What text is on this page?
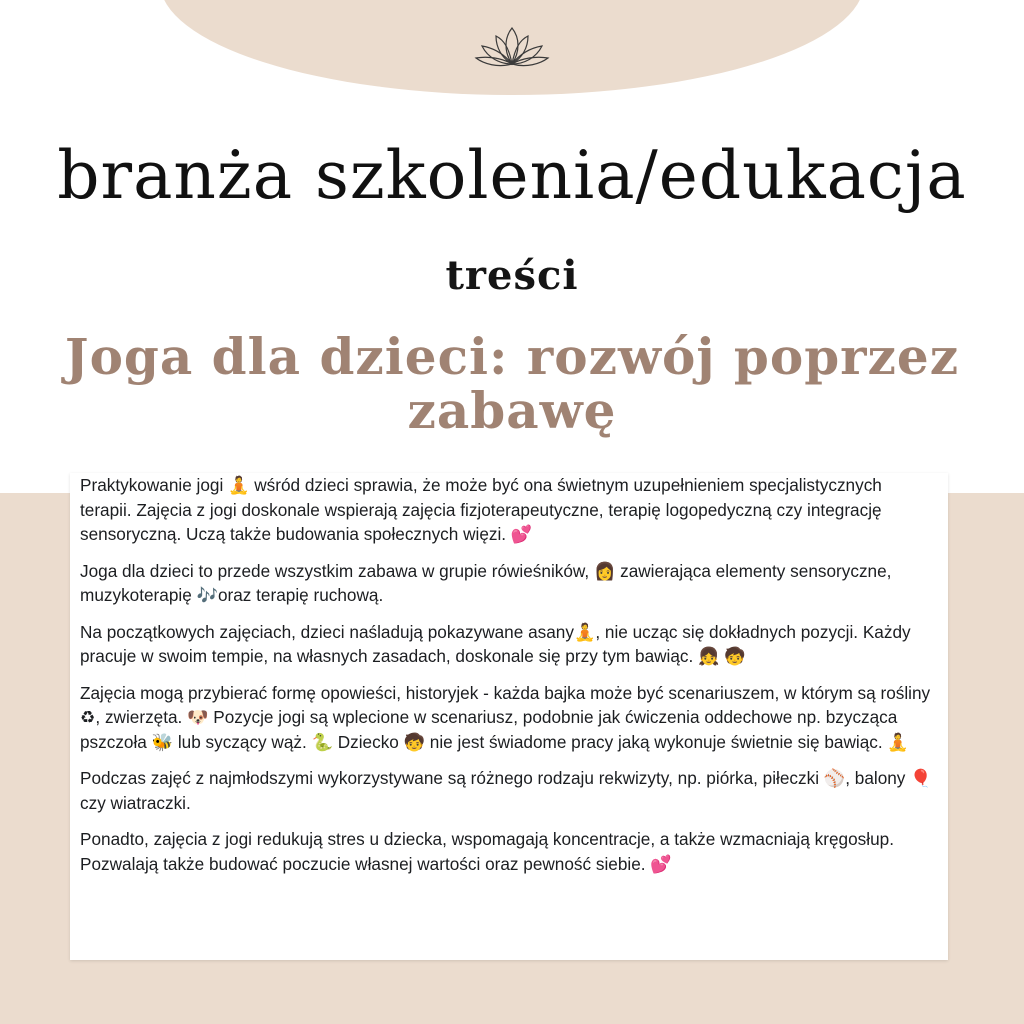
branża szkolenia/edukacja
treści
Joga dla dzieci: rozwój poprzez
zabawę

Praktykowanie jogi 🧘 wśród dzieci sprawia, że może być ona świetnym uzupełnieniem specjalistycznych terapii. Zajęcia z jogi doskonale wspierają zajęcia fizjoterapeutyczne, terapię logopedyczną czy integrację sensoryczną. Uczą także budowania społecznych więzi. 💕

Joga dla dzieci to przede wszystkim zabawa w grupie rówieśników, 👩 zawierająca elementy sensoryczne, muzykoterapię 🎶oraz terapię ruchową.

Na początkowych zajęciach, dzieci naśladują pokazywane asany🧘, nie ucząc się dokładnych pozycji. Każdy pracuje w swoim tempie, na własnych zasadach, doskonale się przy tym bawiąc. 👧 🧒

Zajęcia mogą przybierać formę opowieści, historyjek - każda bajka może być scenariuszem, w którym są rośliny ♻, zwierzęta. 🐶 Pozycje jogi są wplecione w scenariusz, podobnie jak ćwiczenia oddechowe np. bzycząca pszczoła 🐝 lub syczący wąż. 🐍 Dziecko 🧒 nie jest świadome pracy jaką wykonuje świetnie się bawiąc. 🧘

Podczas zajęć z najmłodszymi wykorzystywane są różnego rodzaju rekwizyty, np. piórka, piłeczki ⚾, balony 🎈 czy wiatraczki.

Ponadto, zajęcia z jogi redukują stres u dziecka, wspomagają koncentracje, a także wzmacniają kręgosłup. Pozwalają także budować poczucie własnej wartości oraz pewność siebie. 💕
